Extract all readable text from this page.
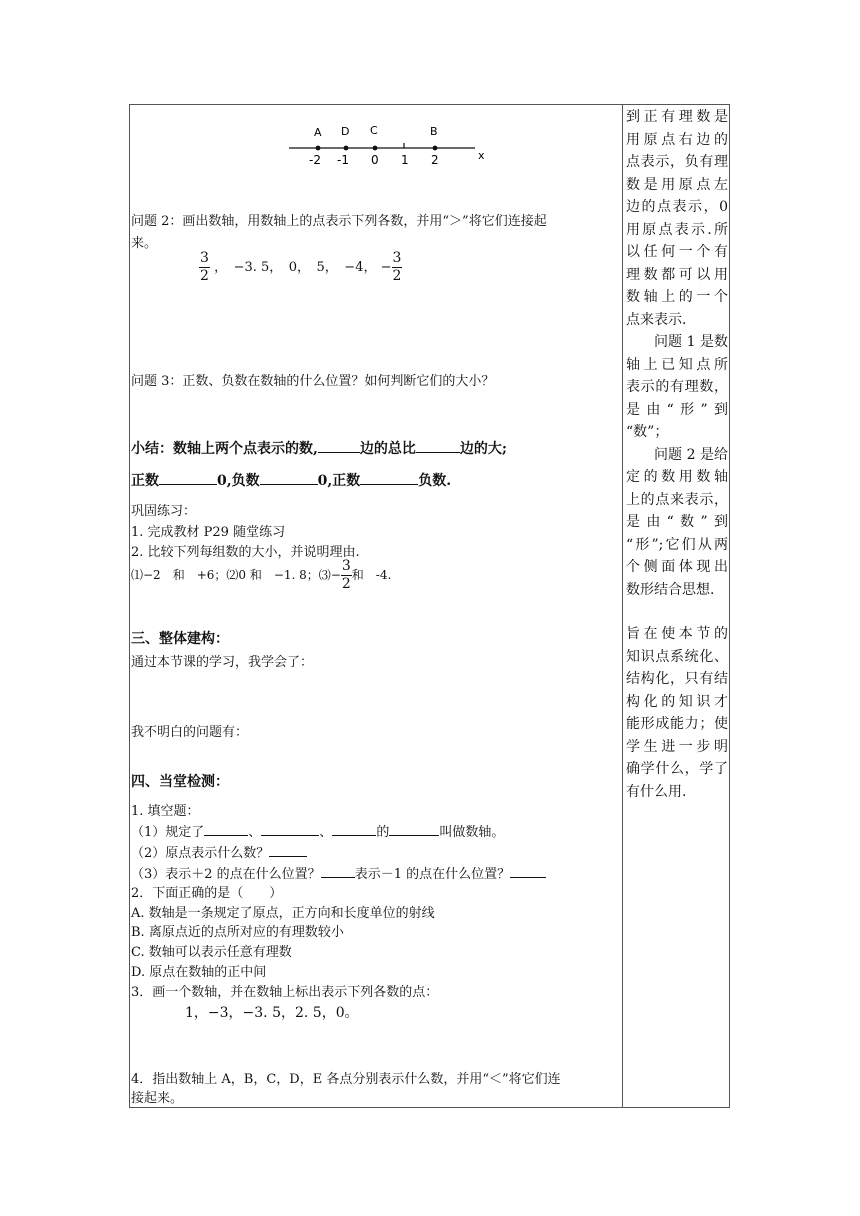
x
A D C	B
-2 -1 0 1 2
问题 2：画出数轴，用数轴上的点表示下列各数，并用“＞”将它们连接起
来。
$\frac{3}{2}$ ，　−3. 5，　0，　5，　−4， − $\frac{3}{2}$
问题 3：正数、负数在数轴的什么位置？如何判断它们的大小？
小结：数轴上两个点表示的数,	边的总比	边的大;
正数	0,负数	0,正数	负数.
巩固练习：
1. 完成教材 P29 随堂练习
2. 比较下列每组数的大小，并说明理由.
⑴−2　和　+6；⑵0 和　−1. 8；⑶− $\frac{3}{2}$ 和　-4.
三、整体建构：
通过本节课的学习，我学会了：
我不明白的问题有：
四、当堂检测：
1. 填空题：
（1）规定了	、	、	的	叫做数轴。
（2）原点表示什么数？
（3）表示＋2 的点在什么位置？	表示－1 的点在什么位置？
2．下面正确的是（　　）
A. 数轴是一条规定了原点，正方向和长度单位的射线
B. 离原点近的点所对应的有理数较小
C. 数轴可以表示任意有理数
D. 原点在数轴的正中间
3．画一个数轴，并在数轴上标出表示下列各数的点：
1，−3，−3. 5，2. 5，0。
4．指出数轴上 A，B，C，D，E 各点分别表示什么数，并用“＜”将它们连
接起来。

到正有理数是

用原点右边的

点表示，负有理

数是用原点左

边的点表示，0

用原点表示.所

以任何一个有

理数都可以用

数轴上的一个

点来表示.

问题 1 是数

轴上已知点所

表示的有理数，

是由“形”到

“数”；

问题 2 是给

定的数用数轴

上的点来表示，

是由“数”到

“形”;它们从两

个侧面体现出

数形结合思想.

旨在使本节的

知识点系统化、

结构化，只有结

构化的知识才

能形成能力；使

学生进一步明

确学什么，学了

有什么用.
